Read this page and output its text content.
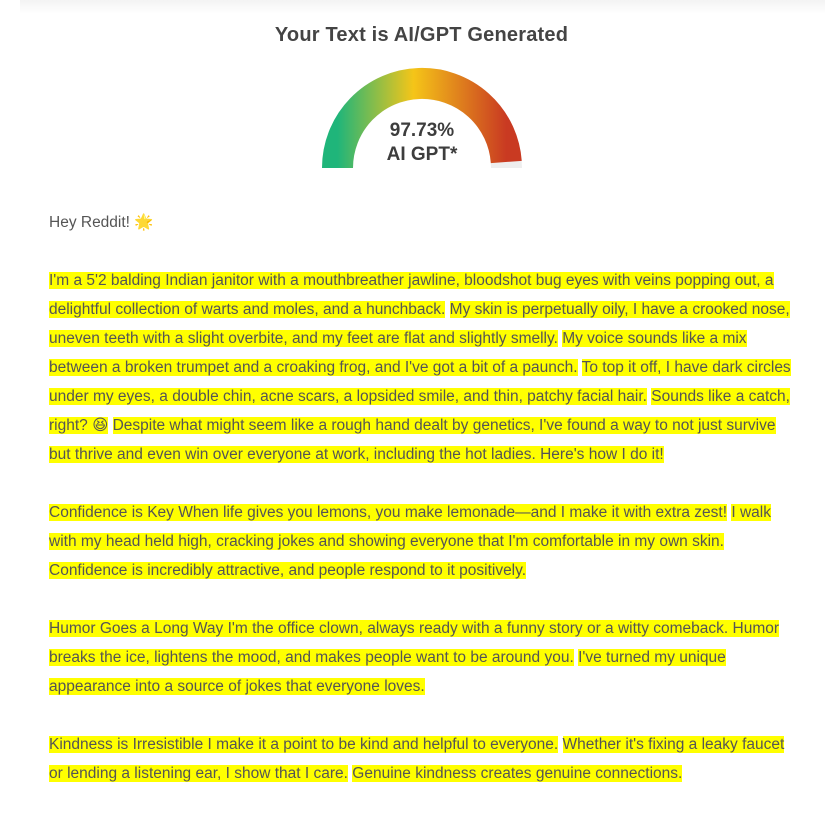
Your Text is AI/GPT Generated
97.73%
AI GPT*

Hey Reddit! 🌟

I'm a 5'2 balding Indian janitor with a mouthbreather jawline, bloodshot bug eyes with veins popping out, a delightful collection of warts and moles, and a hunchback. My skin is perpetually oily, I have a crooked nose, uneven teeth with a slight overbite, and my feet are flat and slightly smelly. My voice sounds like a mix between a broken trumpet and a croaking frog, and I've got a bit of a paunch. To top it off, I have dark circles under my eyes, a double chin, acne scars, a lopsided smile, and thin, patchy facial hair. Sounds like a catch, right? 😆 Despite what might seem like a rough hand dealt by genetics, I've found a way to not just survive but thrive and even win over everyone at work, including the hot ladies. Here's how I do it!

Confidence is Key When life gives you lemons, you make lemonade—and I make it with extra zest! I walk with my head held high, cracking jokes and showing everyone that I'm comfortable in my own skin. Confidence is incredibly attractive, and people respond to it positively.

Humor Goes a Long Way I'm the office clown, always ready with a funny story or a witty comeback. Humor breaks the ice, lightens the mood, and makes people want to be around you. I've turned my unique appearance into a source of jokes that everyone loves.

Kindness is Irresistible I make it a point to be kind and helpful to everyone. Whether it's fixing a leaky faucet or lending a listening ear, I show that I care. Genuine kindness creates genuine connections.
